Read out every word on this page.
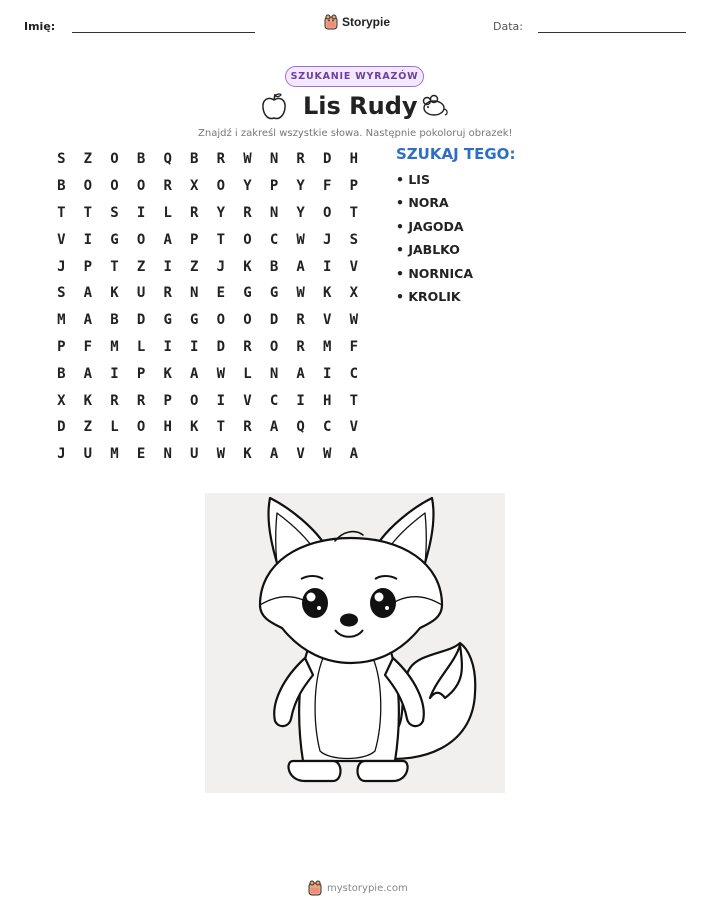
Imię:	Storypie	Data:
SZUKANIE WYRAZÓW
Lis Rudy
Znajdź i zakreśl wszystkie słowa. Następnie pokoloruj obrazek!
S	Z	O	B	Q	B	R	W	N	R	D	H
B	O	O	O	R	X	O	Y	P	Y	F	P
T	T	S	I	L	R	Y	R	N	Y	O	T
V	I	G	O	A	P	T	O	C	W	J	S
J	P	T	Z	I	Z	J	K	B	A	I	V
S	A	K	U	R	N	E	G	G	W	K	X
M	A	B	D	G	G	O	O	D	R	V	W
P	F	M	L	I	I	D	R	O	R	M	F
B	A	I	P	K	A	W	L	N	A	I	C
X	K	R	R	P	O	I	V	C	I	H	T
D	Z	L	O	H	K	T	R	A	Q	C	V
J	U	M	E	N	U	W	K	A	V	W	A
SZUKAJ TEGO:
• LIS
• NORA
• JAGODA
• JABLKO
• NORNICA
• KROLIK
mystorypie.com
